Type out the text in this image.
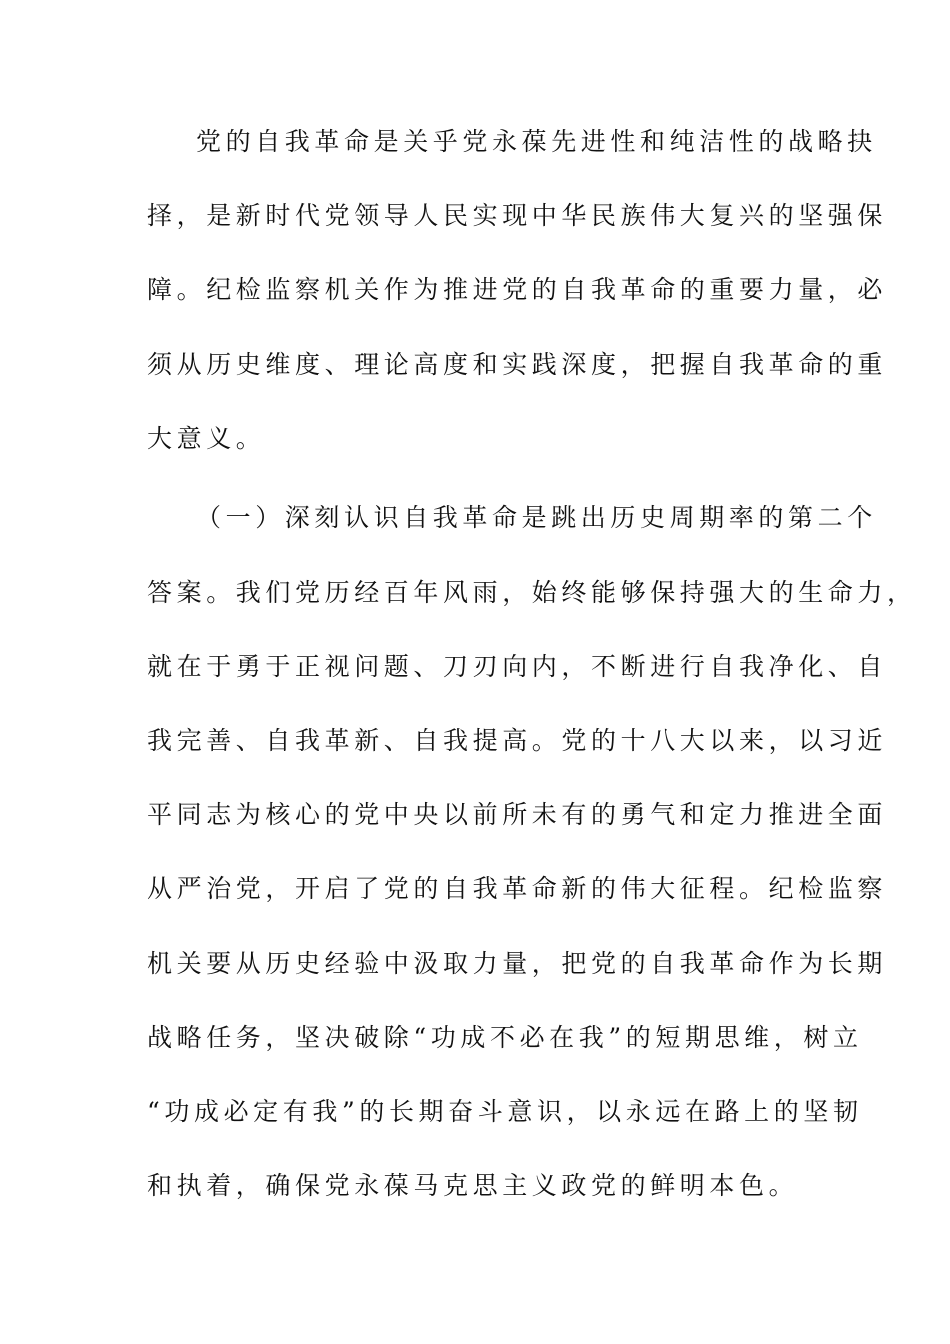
党的自我革命是关乎党永葆先进性和纯洁性的战略抉

择，是新时代党领导人民实现中华民族伟大复兴的坚强保

障。纪检监察机关作为推进党的自我革命的重要力量，必

须从历史维度、理论高度和实践深度，把握自我革命的重

大意义。

（一）深刻认识自我革命是跳出历史周期率的第二个

答案。我们党历经百年风雨，始终能够保持强大的生命力，

就在于勇于正视问题、刀刃向内，不断进行自我净化、自

我完善、自我革新、自我提高。党的十八大以来，以习近

平同志为核心的党中央以前所未有的勇气和定力推进全面

从严治党，开启了党的自我革命新的伟大征程。纪检监察

机关要从历史经验中汲取力量，把党的自我革命作为长期

战略任务，坚决破除“功成不必在我”的短期思维，树立

“功成必定有我”的长期奋斗意识，以永远在路上的坚韧

和执着，确保党永葆马克思主义政党的鲜明本色。
